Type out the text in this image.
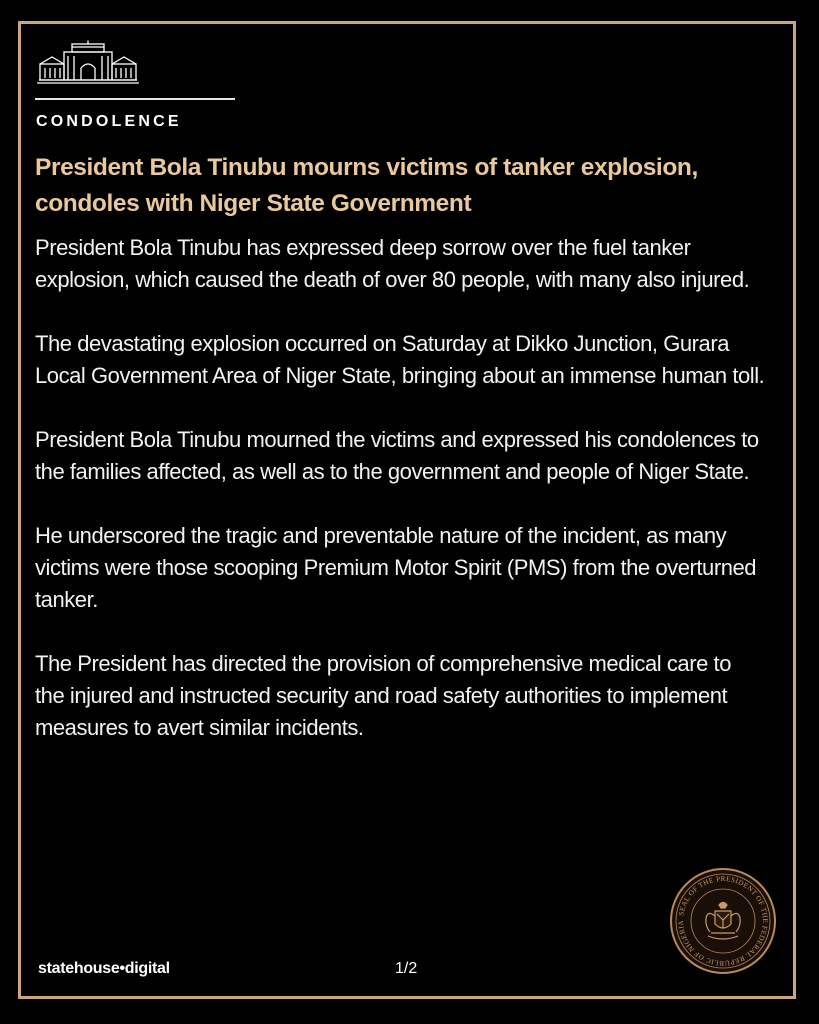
CONDOLENCE
President Bola Tinubu mourns victims of tanker explosion, condoles with Niger State Government

President Bola Tinubu has expressed deep sorrow over the fuel tanker explosion, which caused the death of over 80 people, with many also injured.

The devastating explosion occurred on Saturday at Dikko Junction, Gurara Local Government Area of Niger State, bringing about an immense human toll.

President Bola Tinubu mourned the victims and expressed his condolences to the families affected, as well as to the government and people of Niger State.

He underscored the tragic and preventable nature of the incident, as many victims were those scooping Premium Motor Spirit (PMS) from the overturned tanker.

The President has directed the provision of comprehensive medical care to the injured and instructed security and road safety authorities to implement measures to avert similar incidents.

SEAL OF THE PRESIDENT OF THE FEDERAL REPUBLIC OF NIGERIA
statehouse•digital	1/2
